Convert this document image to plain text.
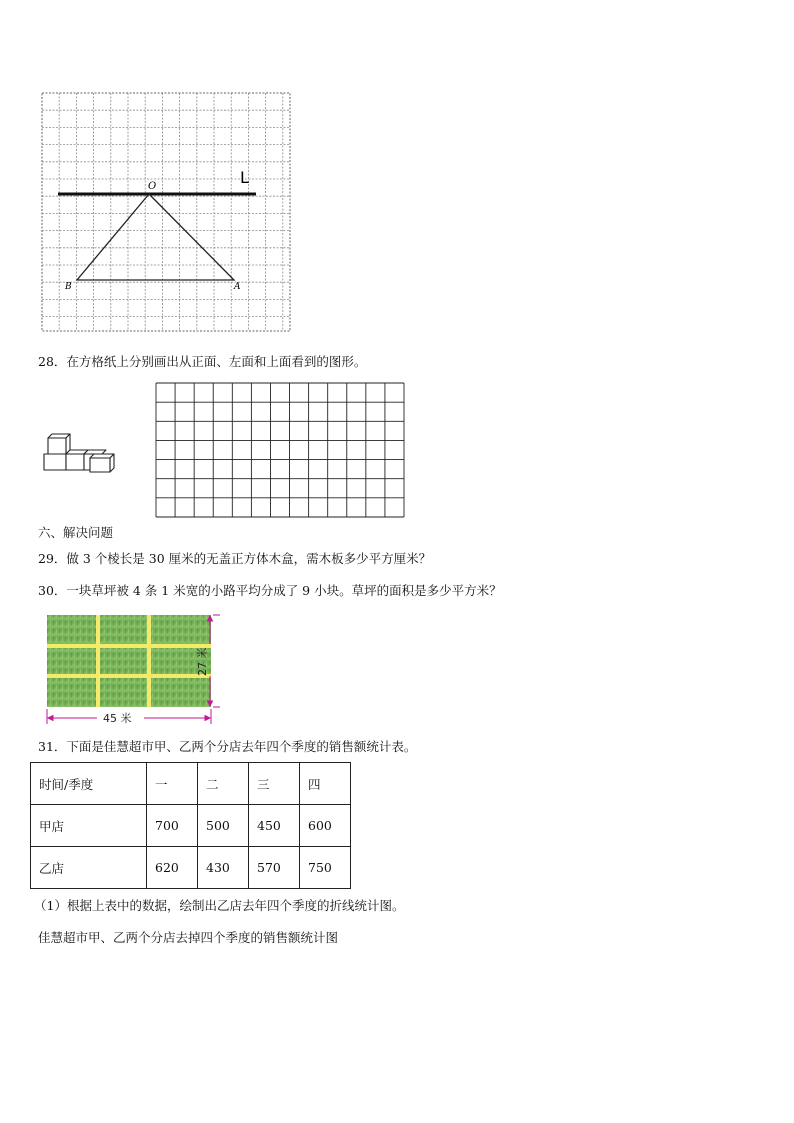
O	L
B	A
28．在方格纸上分别画出从正面、左面和上面看到的图形。
六、解决问题
29．做 3 个棱长是 30 厘米的无盖正方体木盒，需木板多少平方厘米？
30．一块草坪被 4 条 1 米宽的小路平均分成了 9 小块。草坪的面积是多少平方米？
45 米
27 米
31．下面是佳慧超市甲、乙两个分店去年四个季度的销售额统计表。
时间/季度	一	二	三	四
甲店	700	500	450	600
乙店	620	430	570	750
（1）根据上表中的数据，绘制出乙店去年四个季度的折线统计图。
佳慧超市甲、乙两个分店去掉四个季度的销售额统计图
